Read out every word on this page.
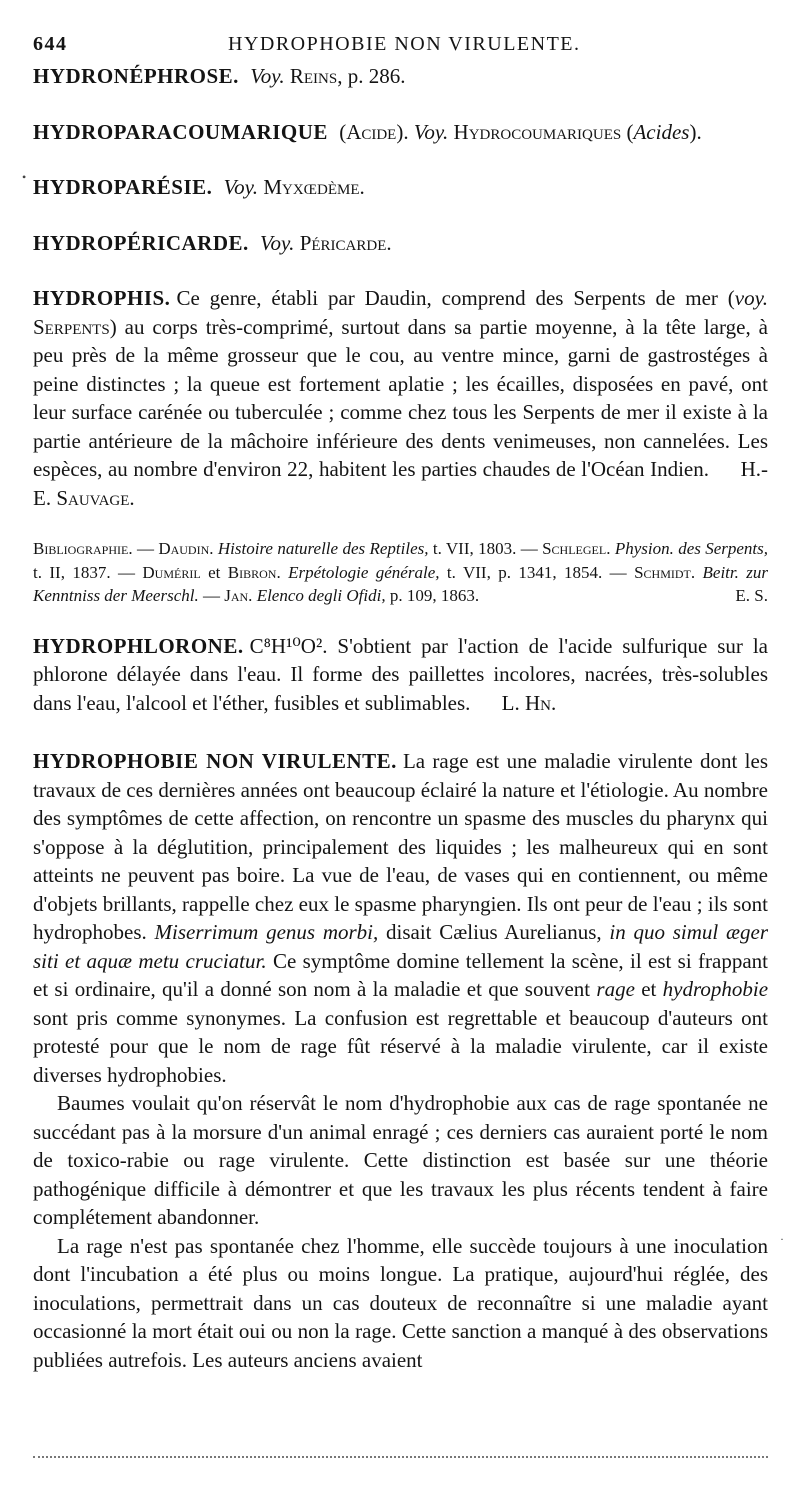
644	HYDROPHOBIE NON VIRULENTE.
•
·

HYDRONÉPHROSE. Voy. Reins, p. 286.

HYDROPARACOUMARIQUE (Acide). Voy. Hydrocoumariques (Acides).

HYDROPARÉSIE. Voy. Myxœdème.

HYDROPÉRICARDE. Voy. Péricarde.

HYDROPHIS. Ce genre, établi par Daudin, comprend des Serpents de mer (voy. Serpents) au corps très-comprimé, surtout dans sa partie moyenne, à la tête large, à peu près de la même grosseur que le cou, au ventre mince, garni de gastrostéges à peine distinctes ; la queue est fortement aplatie ; les écailles, disposées en pavé, ont leur surface carénée ou tuberculée ; comme chez tous les Serpents de mer il existe à la partie antérieure de la mâchoire inférieure des dents venimeuses, non cannelées. Les espèces, au nombre d'environ 22, habitent les parties chaudes de l'Océan Indien. H.-E. Sauvage.

Bibliographie. — Daudin. Histoire naturelle des Reptiles, t. VII, 1803. — Schlegel. Physion. des Serpents, t. II, 1837. — Duméril et Bibron. Erpétologie générale, t. VII, p. 1341, 1854. — Schmidt. Beitr. zur Kenntniss der Meerschl. — Jan. Elenco degli Ofidi, p. 109, 1863.	E. S.

HYDROPHLORONE. C⁸H¹⁰O². S'obtient par l'action de l'acide sulfurique sur la phlorone délayée dans l'eau. Il forme des paillettes incolores, nacrées, très-solubles dans l'eau, l'alcool et l'éther, fusibles et sublimables. L. Hn.

HYDROPHOBIE NON VIRULENTE. La rage est une maladie virulente dont les travaux de ces dernières années ont beaucoup éclairé la nature et l'étiologie. Au nombre des symptômes de cette affection, on rencontre un spasme des muscles du pharynx qui s'oppose à la déglutition, principalement des liquides ; les malheureux qui en sont atteints ne peuvent pas boire. La vue de l'eau, de vases qui en contiennent, ou même d'objets brillants, rappelle chez eux le spasme pharyngien. Ils ont peur de l'eau ; ils sont hydrophobes. Miserrimum genus morbi, disait Cælius Aurelianus, in quo simul æger siti et aquæ metu cruciatur. Ce symptôme domine tellement la scène, il est si frappant et si ordinaire, qu'il a donné son nom à la maladie et que souvent rage et hydrophobie sont pris comme synonymes. La confusion est regrettable et beaucoup d'auteurs ont protesté pour que le nom de rage fût réservé à la maladie virulente, car il existe diverses hydrophobies.

Baumes voulait qu'on réservât le nom d'hydrophobie aux cas de rage spontanée ne succédant pas à la morsure d'un animal enragé ; ces derniers cas auraient porté le nom de toxico-rabie ou rage virulente. Cette distinction est basée sur une théorie pathogénique difficile à démontrer et que les travaux les plus récents tendent à faire complétement abandonner.

La rage n'est pas spontanée chez l'homme, elle succède toujours à une inoculation dont l'incubation a été plus ou moins longue. La pratique, aujourd'hui réglée, des inoculations, permettrait dans un cas douteux de reconnaître si une maladie ayant occasionné la mort était oui ou non la rage. Cette sanction a manqué à des observations publiées autrefois. Les auteurs anciens avaient
